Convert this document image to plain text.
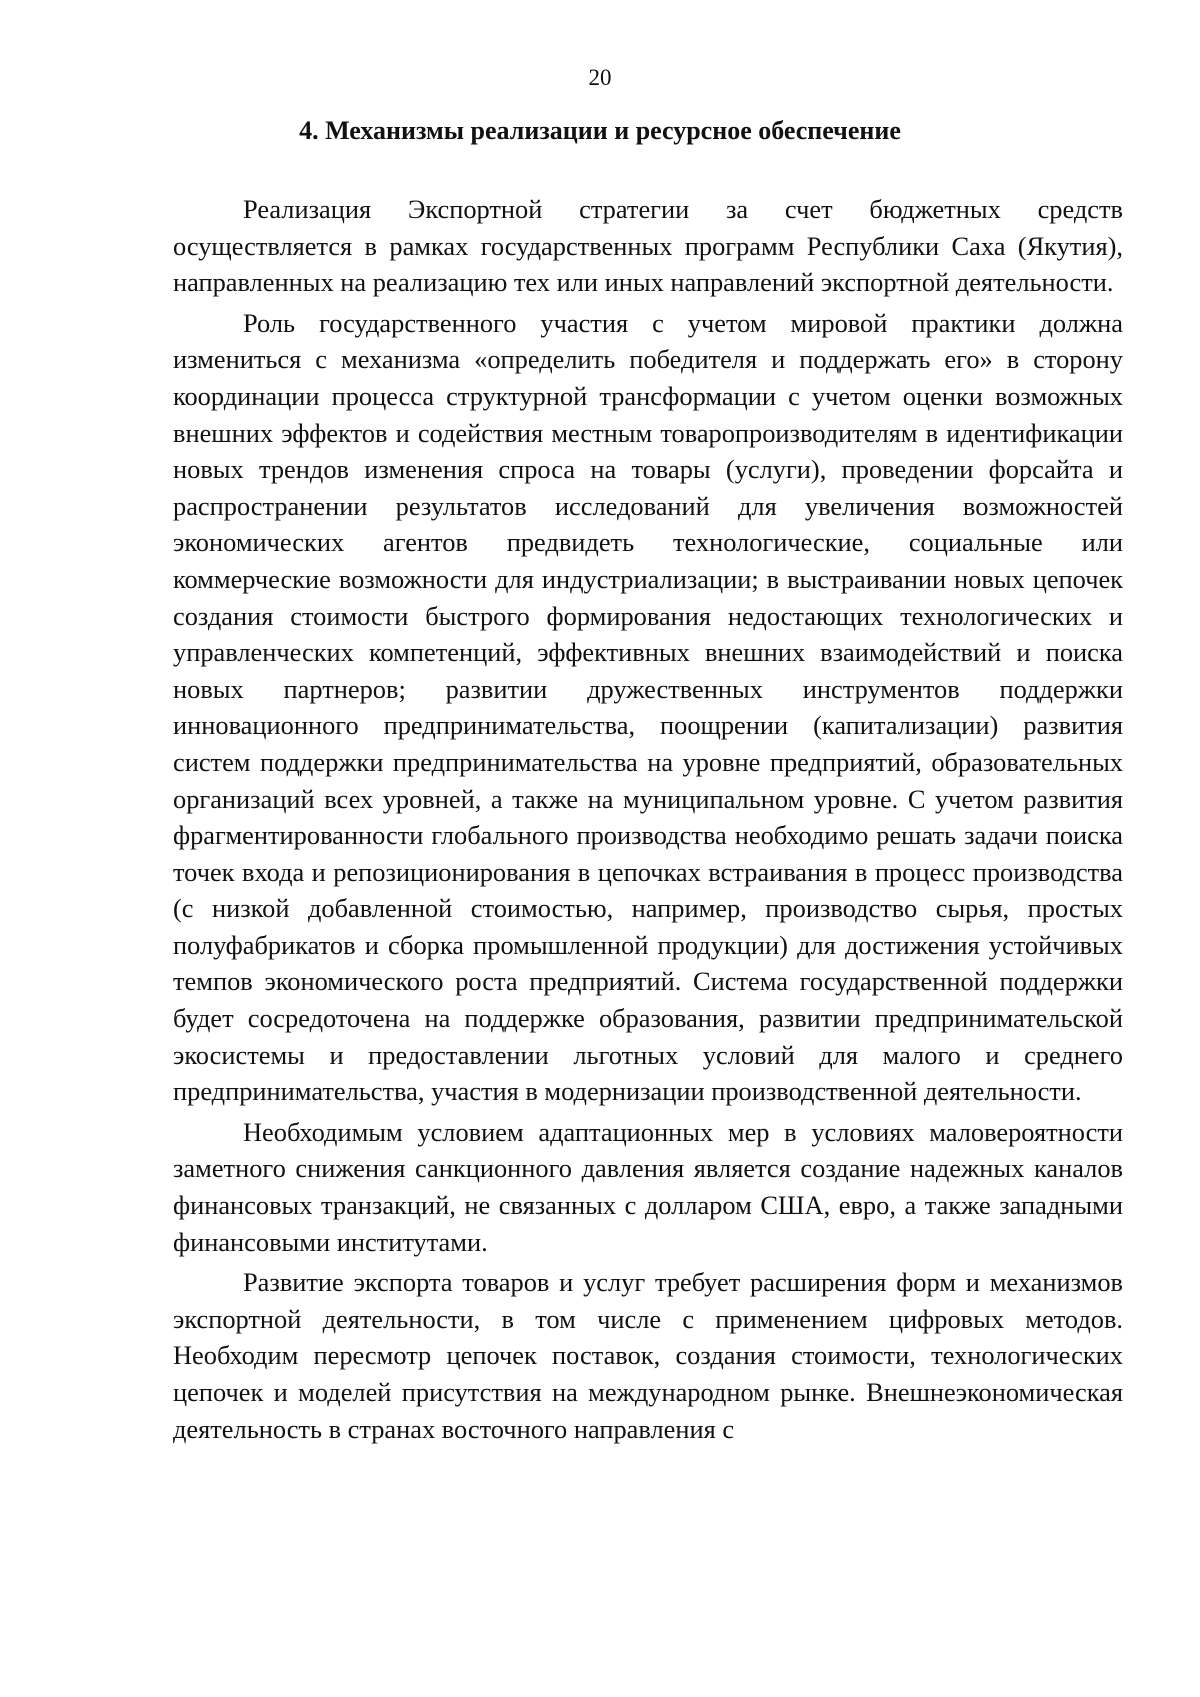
20
4. Механизмы реализации и ресурсное обеспечение

Реализация Экспортной стратегии за счет бюджетных средств осуществляется в рамках государственных программ Республики Саха (Якутия), направленных на реализацию тех или иных направлений экспортной деятельности.

Роль государственного участия с учетом мировой практики должна измениться с механизма «определить победителя и поддержать его» в сторону координации процесса структурной трансформации с учетом оценки возможных внешних эффектов и содействия местным товаропроизводителям в идентификации новых трендов изменения спроса на товары (услуги), проведении форсайта и распространении результатов исследований для увеличения возможностей экономических агентов предвидеть технологические, социальные или коммерческие возможности для индустриализации; в выстраивании новых цепочек создания стоимости быстрого формирования недостающих технологических и управленческих компетенций, эффективных внешних взаимодействий и поиска новых партнеров; развитии дружественных инструментов поддержки инновационного предпринимательства, поощрении (капитализации) развития систем поддержки предпринимательства на уровне предприятий, образовательных организаций всех уровней, а также на муниципальном уровне. С учетом развития фрагментированности глобального производства необходимо решать задачи поиска точек входа и репозиционирования в цепочках встраивания в процесс производства (с низкой добавленной стоимостью, например, производство сырья, простых полуфабрикатов и сборка промышленной продукции) для достижения устойчивых темпов экономического роста предприятий. Система государственной поддержки будет сосредоточена на поддержке образования, развитии предпринимательской экосистемы и предоставлении льготных условий для малого и среднего предпринимательства, участия в модернизации производственной деятельности.

Необходимым условием адаптационных мер в условиях маловероятности заметного снижения санкционного давления является создание надежных каналов финансовых транзакций, не связанных с долларом США, евро, а также западными финансовыми институтами.

Развитие экспорта товаров и услуг требует расширения форм и механизмов экспортной деятельности, в том числе с применением цифровых методов. Необходим пересмотр цепочек поставок, создания стоимости, технологических цепочек и моделей присутствия на международном рынке. Внешнеэкономическая деятельность в странах восточного направления с
